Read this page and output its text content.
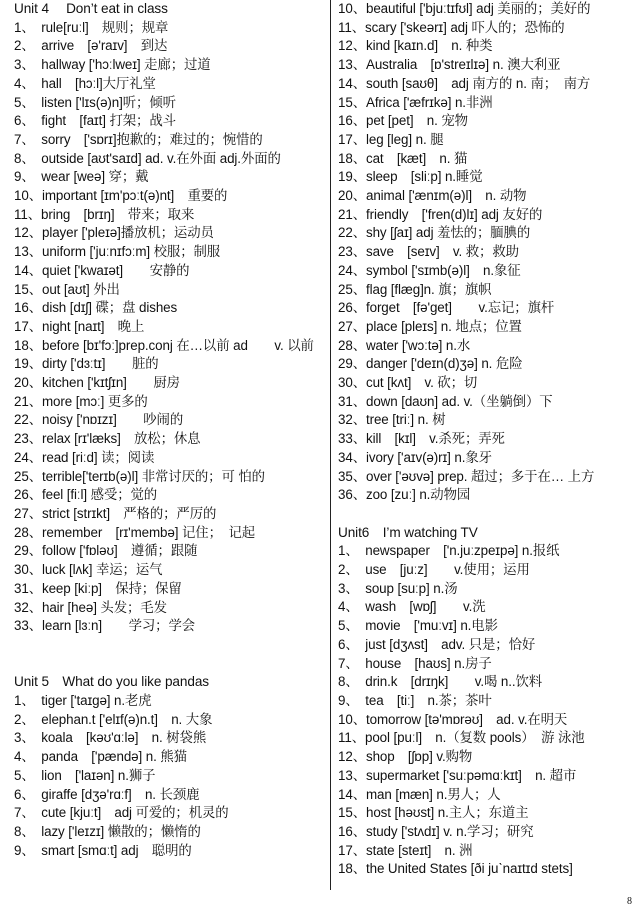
Unit 4 　Don’t eat in class
1、　rule[ruːl]　规则；规章
2、　arrive　[ə'raɪv]　到达
3、　hallway ['hɔːlweɪ] 走廊；过道
4、　hall　[hɔːl]大厅礼堂
5、　listen ['lɪs(ə)n]听；倾听
6、　fight　[faɪt] 打架；战斗
7、　sorry　['sɒrɪ]抱歉的；难过的；惋惜的
8、　outside [aʊt'saɪd] ad. v.在外面 adj.外面的
9、　wear [weə] 穿；戴
10、important [ɪm'pɔːt(ə)nt]　重要的
11、bring　[brɪŋ]　带来；取来
12、player ['pleɪə]播放机；运动员
13、uniform ['juːnɪfɔːm] 校服；制服
14、quiet ['kwaɪət]　　安静的
15、out [aʊt] 外出
16、dish [dɪʃ] 碟；盘 dishes
17、night [naɪt]　晚上
18、before [bɪ'fɔː]prep.conj 在…以前 ad　　v. 以前
19、dirty ['dɜːtɪ]　　脏的
20、kitchen ['kɪtʃɪn]　　厨房
21、more [mɔː] 更多的
22、noisy ['nɒɪzɪ]　　吵闹的
23、relax [rɪ'læks]　放松；休息
24、read [riːd] 读；阅读
25、terrible['terɪb(ə)l] 非常讨厌的；可 怕的
26、feel [fiːl] 感受；觉的
27、strict [strɪkt]　严格的；严厉的
28、remember　[rɪ'membə] 记住；　记起
29、follow ['fɒləʊ]　遵循；跟随
30、luck [lʌk] 幸运；运气
31、keep [kiːp]　保持；保留
32、hair [heə] 头发；毛发
33、learn [lɜːn]　　学习；学会
Unit 5　What do you like pandas
1、　tiger ['taɪgə] n.老虎
2、　elephan.t ['elɪf(ə)n.t]　n. 大象
3、　koala　[kəʊ'ɑːlə]　n. 树袋熊
4、　panda　['pændə] n. 熊猫
5、　lion　['laɪən] n.狮子
6、　giraffe [dʒə'rɑːf]　n. 长颈鹿
7、　cute [kjuːt]　adj 可爱的；机灵的
8、　lazy ['leɪzɪ] 懒散的；懒惰的
9、　smart [smɑːt] adj　聪明的
10、beautiful ['bjuːtɪfʊl] adj 美丽的；美好的
11、scary ['skeərɪ] adj 吓人的；恐怖的
12、kind [kaɪn.d]　n. 种类
13、Australia　[ɒ'streɪlɪə] n. 澳大利亚
14、south [saʊθ]　adj 南方的 n. 南；　南方
15、Africa ['æfrɪkə] n.非洲
16、pet [pet]　n. 宠物
17、leg [leg] n. 腿
18、cat　[kæt]　n. 猫
19、sleep　[sliːp] n.睡觉
20、animal ['ænɪm(ə)l]　n. 动物
21、friendly　['fren(d)lɪ] adj 友好的
22、shy [ʃaɪ] adj 羞怯的；腼腆的
23、save　[seɪv]　v. 救；救助
24、symbol ['sɪmb(ə)l]　n.象征
25、flag [flæg]n. 旗；旗帜
26、forget　[fə'get]　　v.忘记；旗杆
27、place [pleɪs] n. 地点；位置
28、water ['wɔːtə] n.水
29、danger ['deɪn(d)ʒə] n. 危险
30、cut [kʌt]　v. 砍；切
31、down [daʊn] ad. v.（坐躺倒）下
32、tree [triː] n. 树
33、kill　[kɪl]　v.杀死；弄死
34、ivory ['aɪv(ə)rɪ] n.象牙
35、over ['əʊvə] prep. 超过；多于在… 上方
36、zoo [zuː] n.动物园
Unit6　I’m watching TV
1、　newspaper　['n.juːzpeɪpə] n.报纸
2、　use　[juːz]　　v.使用；运用
3、　soup [suːp] n.汤
4、　wash　[wɒʃ]　　v.洗
5、　movie　['muːvɪ] n.电影
6、　just [dʒʌst]　adv. 只是；恰好
7、　house　[haʊs] n.房子
8、　drin.k　[drɪŋk]　　v.喝 n..饮料
9、　tea　[tiː]　n.茶；茶叶
10、tomorrow [tə'mɒrəʊ]　ad. v.在明天
11、pool [puːl]　n.（复数 pools）　游 泳池
12、shop　[ʃɒp] v.购物
13、supermarket ['suːpəmɑːkɪt]　n. 超市
14、man [mæn] n.男人；人
15、host [həʊst] n.主人；东道主
16、study ['stʌdɪ] v. n.学习；研究
17、state [steɪt]　n. 洲
18、the United States [ði juˋnaɪtɪd stets]
8
